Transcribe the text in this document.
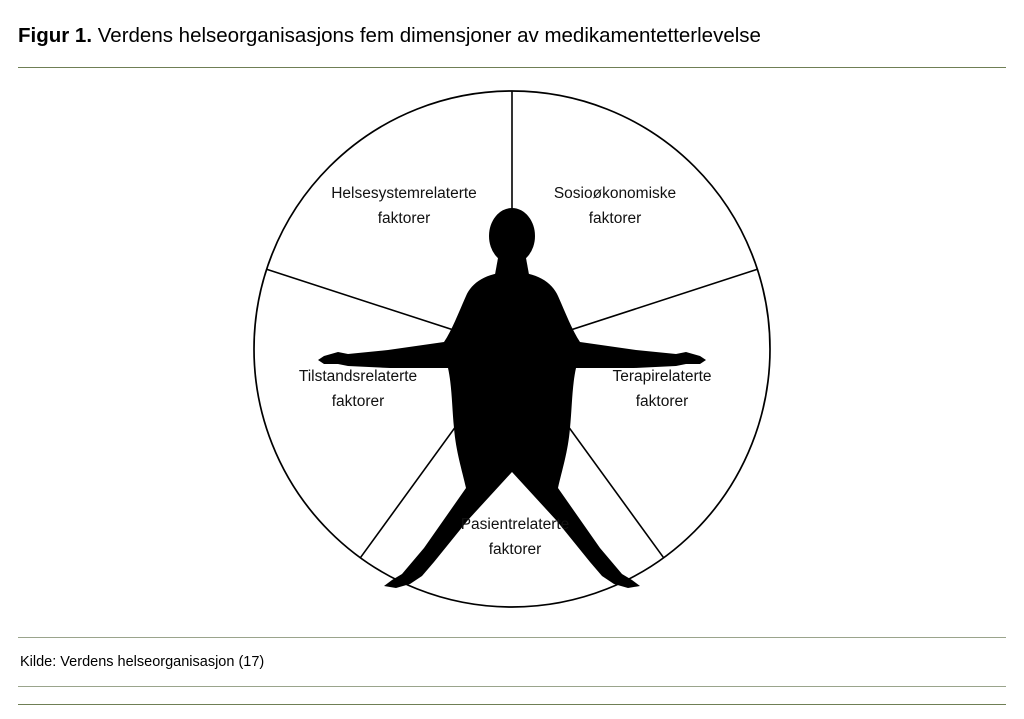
Figur 1. Verdens helseorganisasjons fem dimensjoner av medikamentetterlevelse
Helsesystemrelaterte
faktorer
Sosioøkonomiske
faktorer
Tilstandsrelaterte
faktorer
Terapirelaterte
faktorer
Pasientrelaterte
faktorer
Kilde: Verdens helseorganisasjon (17)
